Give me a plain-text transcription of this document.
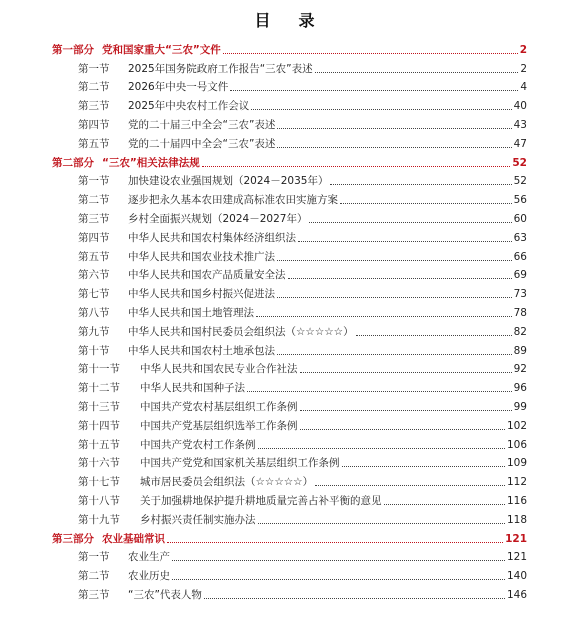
目　录
第一部分 党和国家重大“三农”文件	2
第一节	2025年国务院政府工作报告“三农”表述	2
第二节	2026年中央一号文件	4
第三节	2025年中央农村工作会议	40
第四节	党的二十届三中全会“三农”表述	43
第五节	党的二十届四中全会“三农”表述	47
第二部分 “三农”相关法律法规	52
第一节	加快建设农业强国规划（2024－2035年）	52
第二节	逐步把永久基本农田建成高标准农田实施方案	56
第三节	乡村全面振兴规划（2024－2027年）	60
第四节	中华人民共和国农村集体经济组织法	63
第五节	中华人民共和国农业技术推广法	66
第六节	中华人民共和国农产品质量安全法	69
第七节	中华人民共和国乡村振兴促进法	73
第八节	中华人民共和国土地管理法	78
第九节	中华人民共和国村民委员会组织法（☆☆☆☆☆）	82
第十节	中华人民共和国农村土地承包法	89
第十一节	中华人民共和国农民专业合作社法	92
第十二节	中华人民共和国种子法	96
第十三节	中国共产党农村基层组织工作条例	99
第十四节	中国共产党基层组织选举工作条例	102
第十五节	中国共产党农村工作条例	106
第十六节	中国共产党党和国家机关基层组织工作条例	109
第十七节	城市居民委员会组织法（☆☆☆☆☆）	112
第十八节	关于加强耕地保护提升耕地质量完善占补平衡的意见	116
第十九节	乡村振兴责任制实施办法	118
第三部分 农业基础常识	121
第一节	农业生产	121
第二节	农业历史	140
第三节	“三农”代表人物	146
